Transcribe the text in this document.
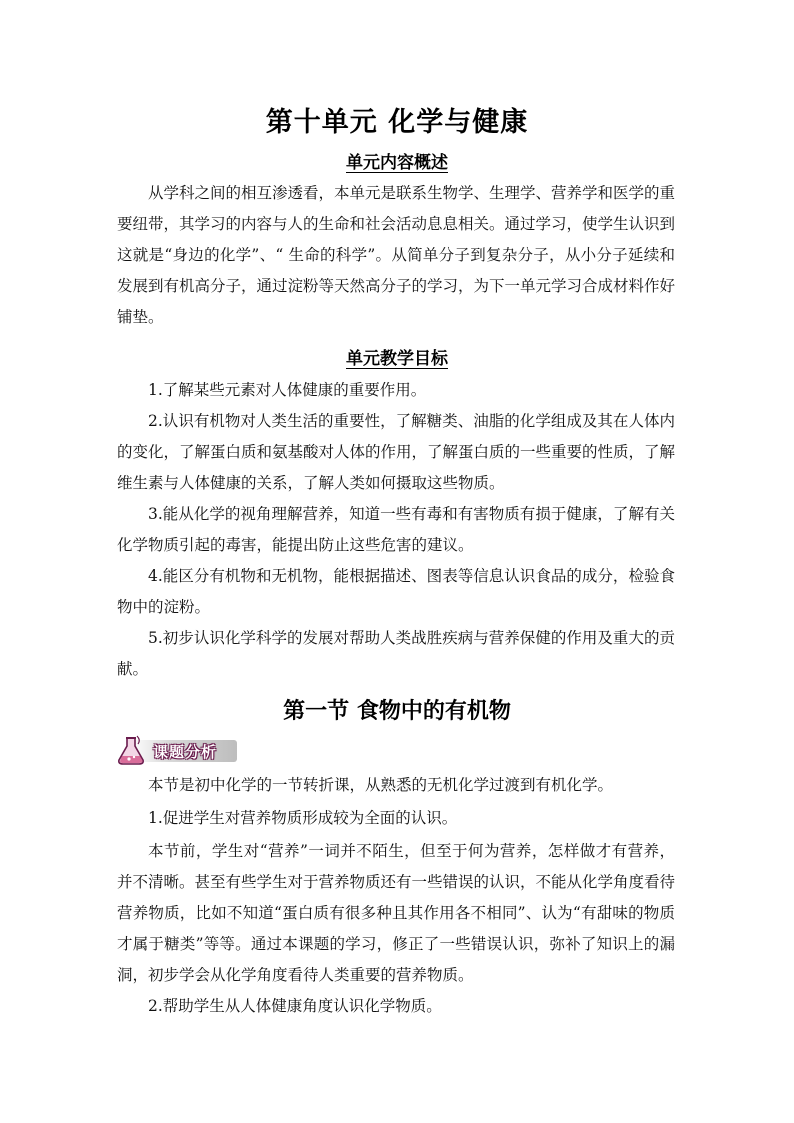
第十单元 化学与健康
单元内容概述

从学科之间的相互渗透看，本单元是联系生物学、生理学、营养学和医学的重要纽带，其学习的内容与人的生命和社会活动息息相关。通过学习，使学生认识到这就是“身边的化学”、“ 生命的科学”。从简单分子到复杂分子，从小分子延续和发展到有机高分子，通过淀粉等天然高分子的学习，为下一单元学习合成材料作好铺垫。

单元教学目标

1.了解某些元素对人体健康的重要作用。

2.认识有机物对人类生活的重要性，了解糖类、油脂的化学组成及其在人体内的变化，了解蛋白质和氨基酸对人体的作用，了解蛋白质的一些重要的性质，了解维生素与人体健康的关系，了解人类如何摄取这些物质。

3.能从化学的视角理解营养，知道一些有毒和有害物质有损于健康，了解有关化学物质引起的毒害，能提出防止这些危害的建议。

4.能区分有机物和无机物，能根据描述、图表等信息认识食品的成分，检验食物中的淀粉。

5.初步认识化学科学的发展对帮助人类战胜疾病与营养保健的作用及重大的贡献。

第一节 食物中的有机物
课题分析

本节是初中化学的一节转折课，从熟悉的无机化学过渡到有机化学。

1.促进学生对营养物质形成较为全面的认识。

本节前，学生对“营养”一词并不陌生，但至于何为营养，怎样做才有营养，并不清晰。甚至有些学生对于营养物质还有一些错误的认识，不能从化学角度看待营养物质，比如不知道“蛋白质有很多种且其作用各不相同”、认为“有甜味的物质才属于糖类”等等。通过本课题的学习，修正了一些错误认识，弥补了知识上的漏洞，初步学会从化学角度看待人类重要的营养物质。

2.帮助学生从人体健康角度认识化学物质。
